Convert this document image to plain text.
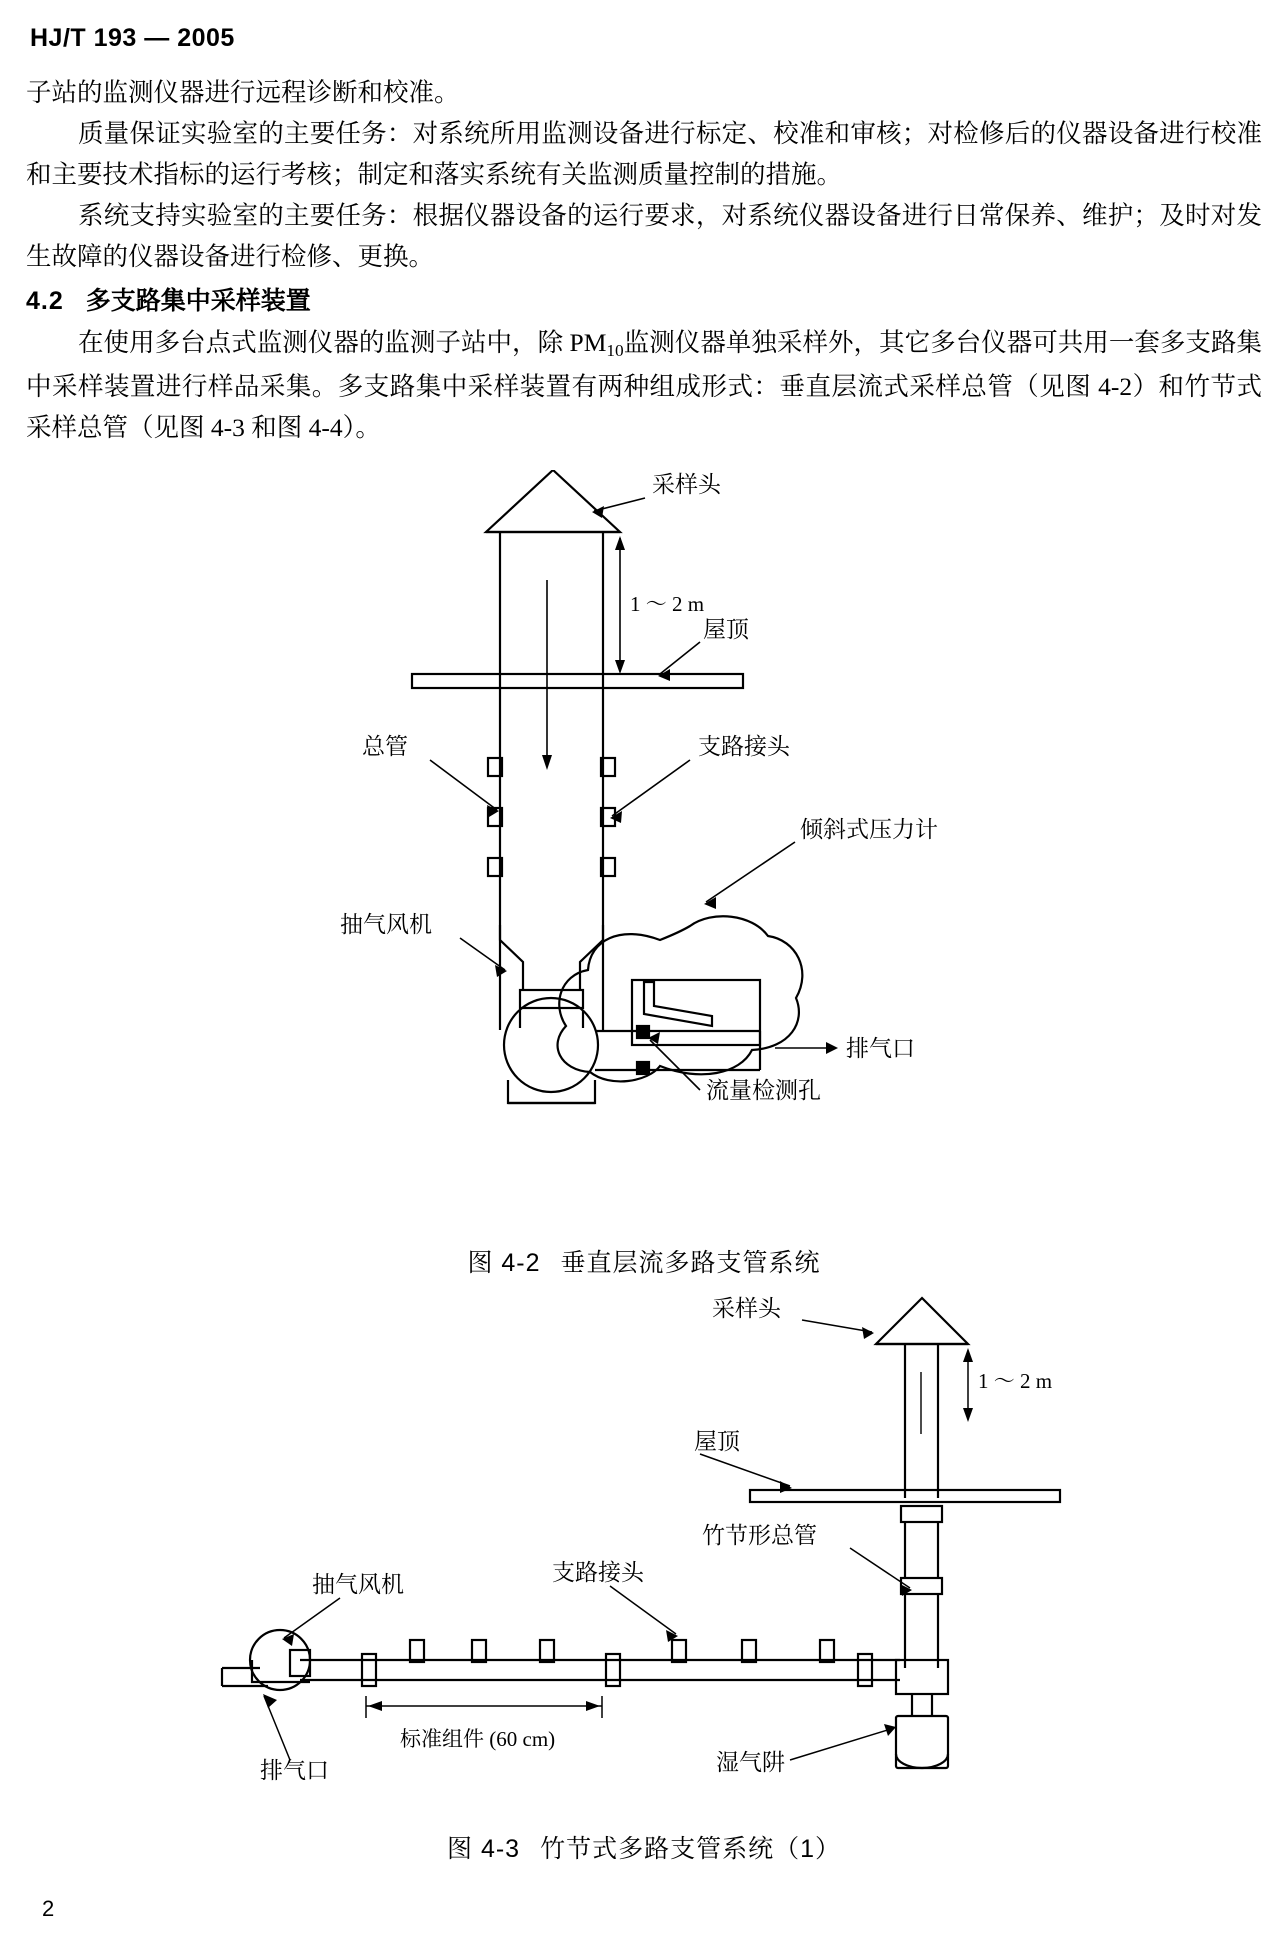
HJ/T 193 — 2005
子站的监测仪器进行远程诊断和校准。
质量保证实验室的主要任务：对系统所用监测设备进行标定、校准和审核；对检修后的仪器设备进行校准和主要技术指标的运行考核；制定和落实系统有关监测质量控制的措施。
系统支持实验室的主要任务：根据仪器设备的运行要求，对系统仪器设备进行日常保养、维护；及时对发生故障的仪器设备进行检修、更换。
4.2 多支路集中采样装置
在使用多台点式监测仪器的监测子站中，除 $PM_{10}$监测仪器单独采样外，其它多台仪器可共用一套多支路集中采样装置进行样品采集。多支路集中采样装置有两种组成形式：垂直层流式采样总管（见图 4-2）和竹节式采样总管（见图 4-3 和图 4-4）。
采样头
屋顶
总管	支路接头
倾斜式压力计
抽气风机
排气口
流量检测孔
1 ～ 2 m
图 4-2 垂直层流多路支管系统
采样头
屋顶
竹节形总管
支路接头
抽气风机
排气口	湿气阱
1 ～ 2 m
标准组件 (60 cm)
图 4-3 竹节式多路支管系统（1）
2
